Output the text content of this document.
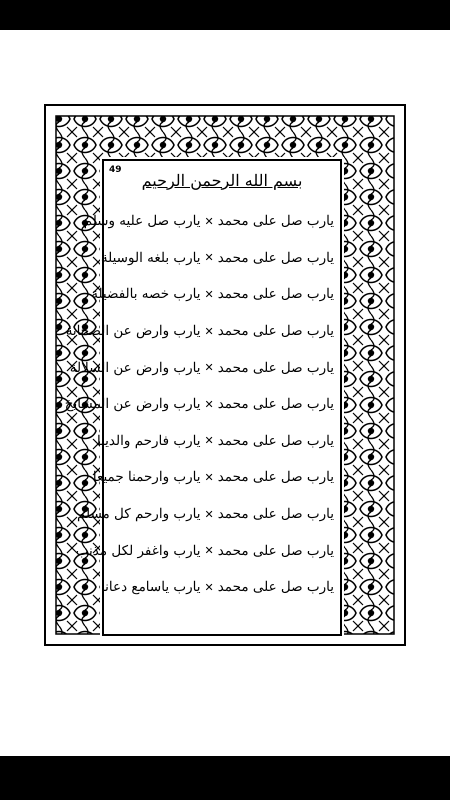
49
بسم الله الرحمن الرحیم
یارب صل علی محمد
✕
یارب صل علیه وسلم
یارب صل علی محمد
✕
یارب بلغه الوسیلة
یارب صل علی محمد
✕
یارب خصه بالفضیلة
یارب صل علی محمد
✕
یارب وارض عن الصحابة
یارب صل علی محمد
✕
یارب وارض عن السلالة
یارب صل علی محمد
✕
یارب وارض عن المشایخ
یارب صل علی محمد
✕
یارب فارحم والدینا
یارب صل علی محمد
✕
یارب وارحمنا جمیعا
یارب صل علی محمد
✕
یارب وارحم کل مسلم
یارب صل علی محمد
✕
یارب واغفر لکل مذنب
یارب صل علی محمد
✕
یارب یاسامع دعانا
